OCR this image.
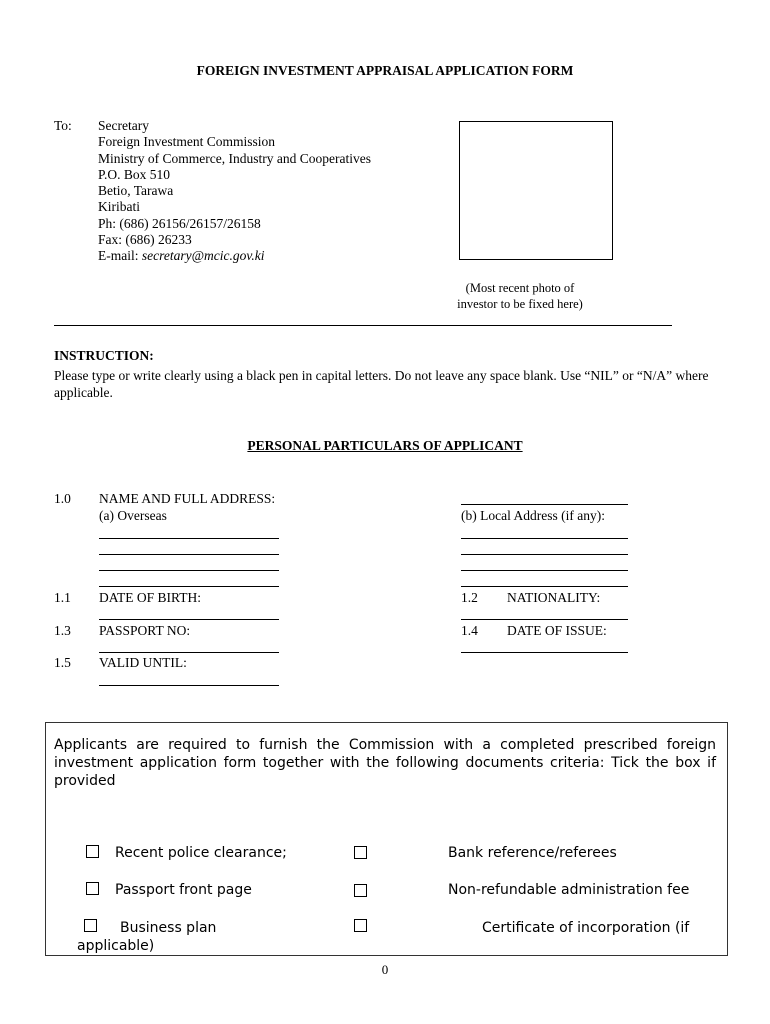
FOREIGN INVESTMENT APPRAISAL APPLICATION FORM
To: Secretary
Foreign Investment Commission
Ministry of Commerce, Industry and Cooperatives
P.O. Box 510
Betio, Tarawa
Kiribati
Ph: (686) 26156/26157/26158
Fax: (686) 26233
E-mail: secretary@mcic.gov.ki
(Most recent photo of
investor to be fixed here)
INSTRUCTION:
Please type or write clearly using a black pen in capital letters. Do not leave any space blank. Use “NIL” or “N/A” where applicable.
PERSONAL PARTICULARS OF APPLICANT
1.0 NAME AND FULL ADDRESS:
(a) Overseas	(b) Local Address (if any):
1.1 DATE OF BIRTH:	1.2 NATIONALITY:
1.3 PASSPORT NO:	1.4 DATE OF ISSUE:
1.5 VALID UNTIL:
Applicants are required to furnish the Commission with a completed prescribed foreign investment application form together with the following documents criteria: Tick the box if provided
Recent police clearance;	Bank reference/referees
Passport front page	Non-refundable administration fee
Business plan	Certificate of incorporation (if
applicable)
0
